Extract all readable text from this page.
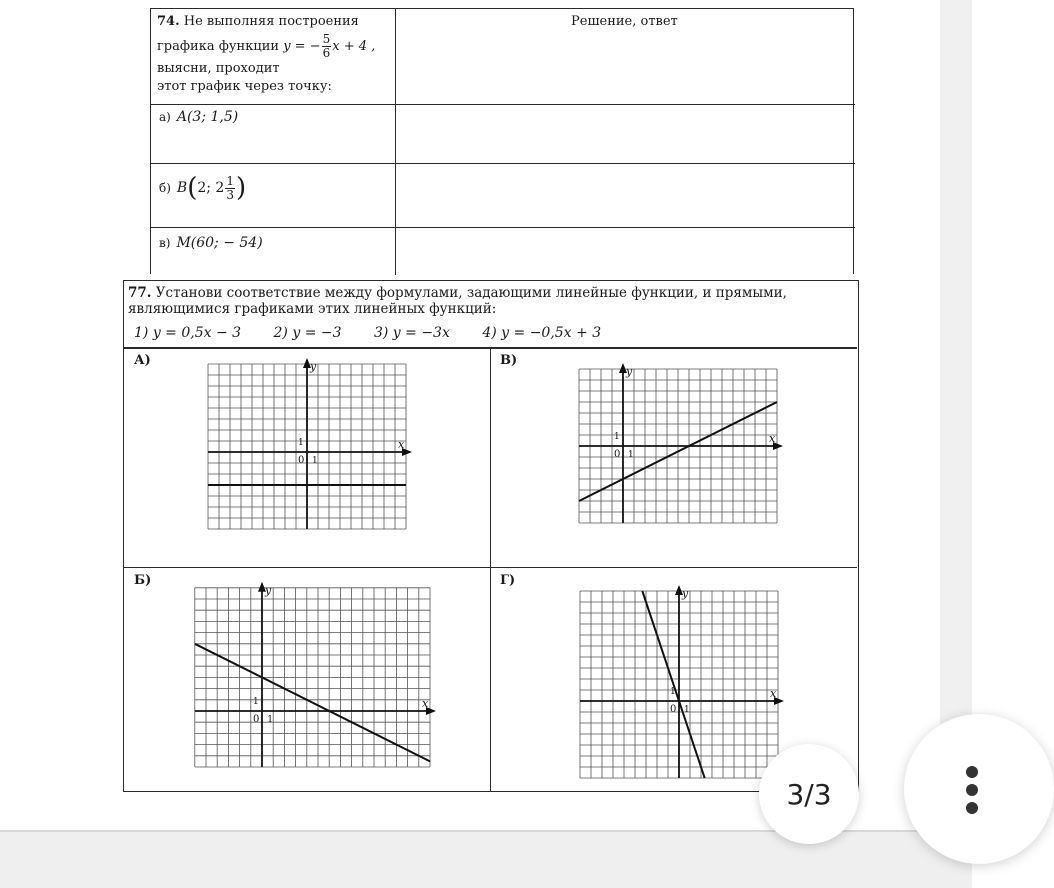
74. Не выполняя построения
графика функции y = − $\frac{5}{6}$ x + 4 ,
выясни, проходит
этот график через точку:
Решение, ответ
а) A(3; 1,5)
б) B(2; $2 \frac{1}{3}$ )
в) M(60; − 54)
77. Установи соответствие между формулами, задающими линейные функции, и прямыми, являющимися графиками этих линейных функций:
1) y = 0,5x − 3 2) y = −3 3) y = −3x 4) y = −0,5x + 3
А)	В)
Б)	Г)
x
y
0 1
1	x
y
0 1
1
x
y
0 1
1
x
y
0 1
1
3/3
